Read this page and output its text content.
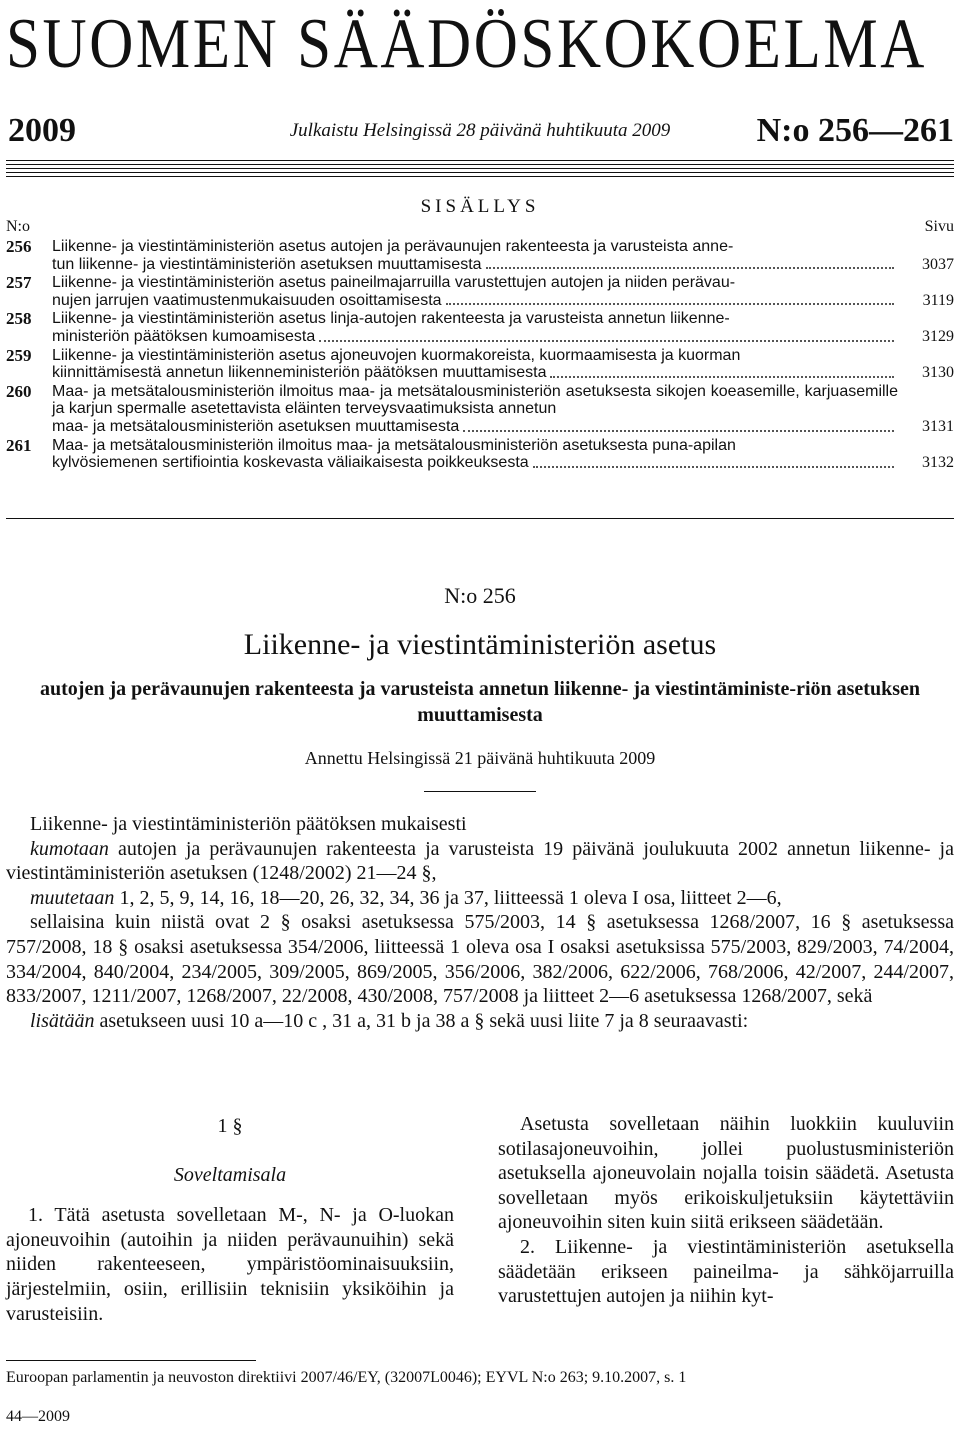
SUOMEN SÄÄDÖSKOKOELMA
2009	Julkaistu Helsingissä 28 päivänä huhtikuuta 2009	N:o 256—261
SISÄLLYS
N:o	Sivu
256	Liikenne- ja viestintäministeriön asetus autojen ja perävaunujen rakenteesta ja varusteista anne-
tun liikenne- ja viestintäministeriön asetuksen muuttamisesta	3037
257	Liikenne- ja viestintäministeriön asetus paineilmajarruilla varustettujen autojen ja niiden perävau-
nujen jarrujen vaatimustenmukaisuuden osoittamisesta	3119
258	Liikenne- ja viestintäministeriön asetus linja-autojen rakenteesta ja varusteista annetun liikenne-
ministeriön päätöksen kumoamisesta	3129
259	Liikenne- ja viestintäministeriön asetus ajoneuvojen kuormakoreista, kuormaamisesta ja kuorman
kiinnittämisestä annetun liikenneministeriön päätöksen muuttamisesta	3130
260	Maa- ja metsätalousministeriön ilmoitus maa- ja metsätalousministeriön asetuksesta sikojen koeasemille, karjuasemille ja karjun spermalle asetettavista eläinten terveysvaatimuksista annetun
maa- ja metsätalousministeriön asetuksen muuttamisesta	3131
261	Maa- ja metsätalousministeriön ilmoitus maa- ja metsätalousministeriön asetuksesta puna-apilan
kylvösiemenen sertifiointia koskevasta väliaikaisesta poikkeuksesta	3132
N:o 256
Liikenne- ja viestintäministeriön asetus
autojen ja perävaunujen rakenteesta ja varusteista annetun liikenne- ja viestintäministe-riön asetuksen muuttamisesta
Annettu Helsingissä 21 päivänä huhtikuuta 2009

Liikenne- ja viestintäministeriön päätöksen mukaisesti

kumotaan autojen ja perävaunujen rakenteesta ja varusteista 19 päivänä joulukuuta 2002 annetun liikenne- ja viestintäministeriön asetuksen (1248/2002) 21—24 §,

muutetaan 1, 2, 5, 9, 14, 16, 18—20, 26, 32, 34, 36 ja 37, liitteessä 1 oleva I osa, liitteet 2—6,

sellaisina kuin niistä ovat 2 § osaksi asetuksessa 575/2003, 14 § asetuksessa 1268/2007, 16 § asetuksessa 757/2008, 18 § osaksi asetuksessa 354/2006, liitteessä 1 oleva osa I osaksi asetuksissa 575/2003, 829/2003, 74/2004, 334/2004, 840/2004, 234/2005, 309/2005, 869/2005, 356/2006, 382/2006, 622/2006, 768/2006, 42/2007, 244/2007, 833/2007, 1211/2007, 1268/2007, 22/2008, 430/2008, 757/2008 ja liitteet 2—6 asetuksessa 1268/2007, sekä

lisätään asetukseen uusi 10 a—10 c , 31 a, 31 b ja 38 a § sekä uusi liite 7 ja 8 seuraavasti:

1 §
Soveltamisala

1. Tätä asetusta sovelletaan M-, N- ja O-luokan ajoneuvoihin (autoihin ja niiden perävaunuihin) sekä niiden rakenteeseen, ympäristöominaisuuksiin, järjestelmiin, osiin, erillisiin teknisiin yksiköihin ja varusteisiin.

Asetusta sovelletaan näihin luokkiin kuuluviin sotilasajoneuvoihin, jollei puolustusministeriön asetuksella ajoneuvolain nojalla toisin säädetä. Asetusta sovelletaan myös erikoiskuljetuksiin käytettäviin ajoneuvoihin siten kuin siitä erikseen säädetään.

2. Liikenne- ja viestintäministeriön asetuksella säädetään erikseen paineilma- ja sähköjarruilla varustettujen autojen ja niihin kyt-

Euroopan parlamentin ja neuvoston direktiivi 2007/46/EY, (32007L0046); EYVL N:o 263; 9.10.2007, s. 1
44—2009
